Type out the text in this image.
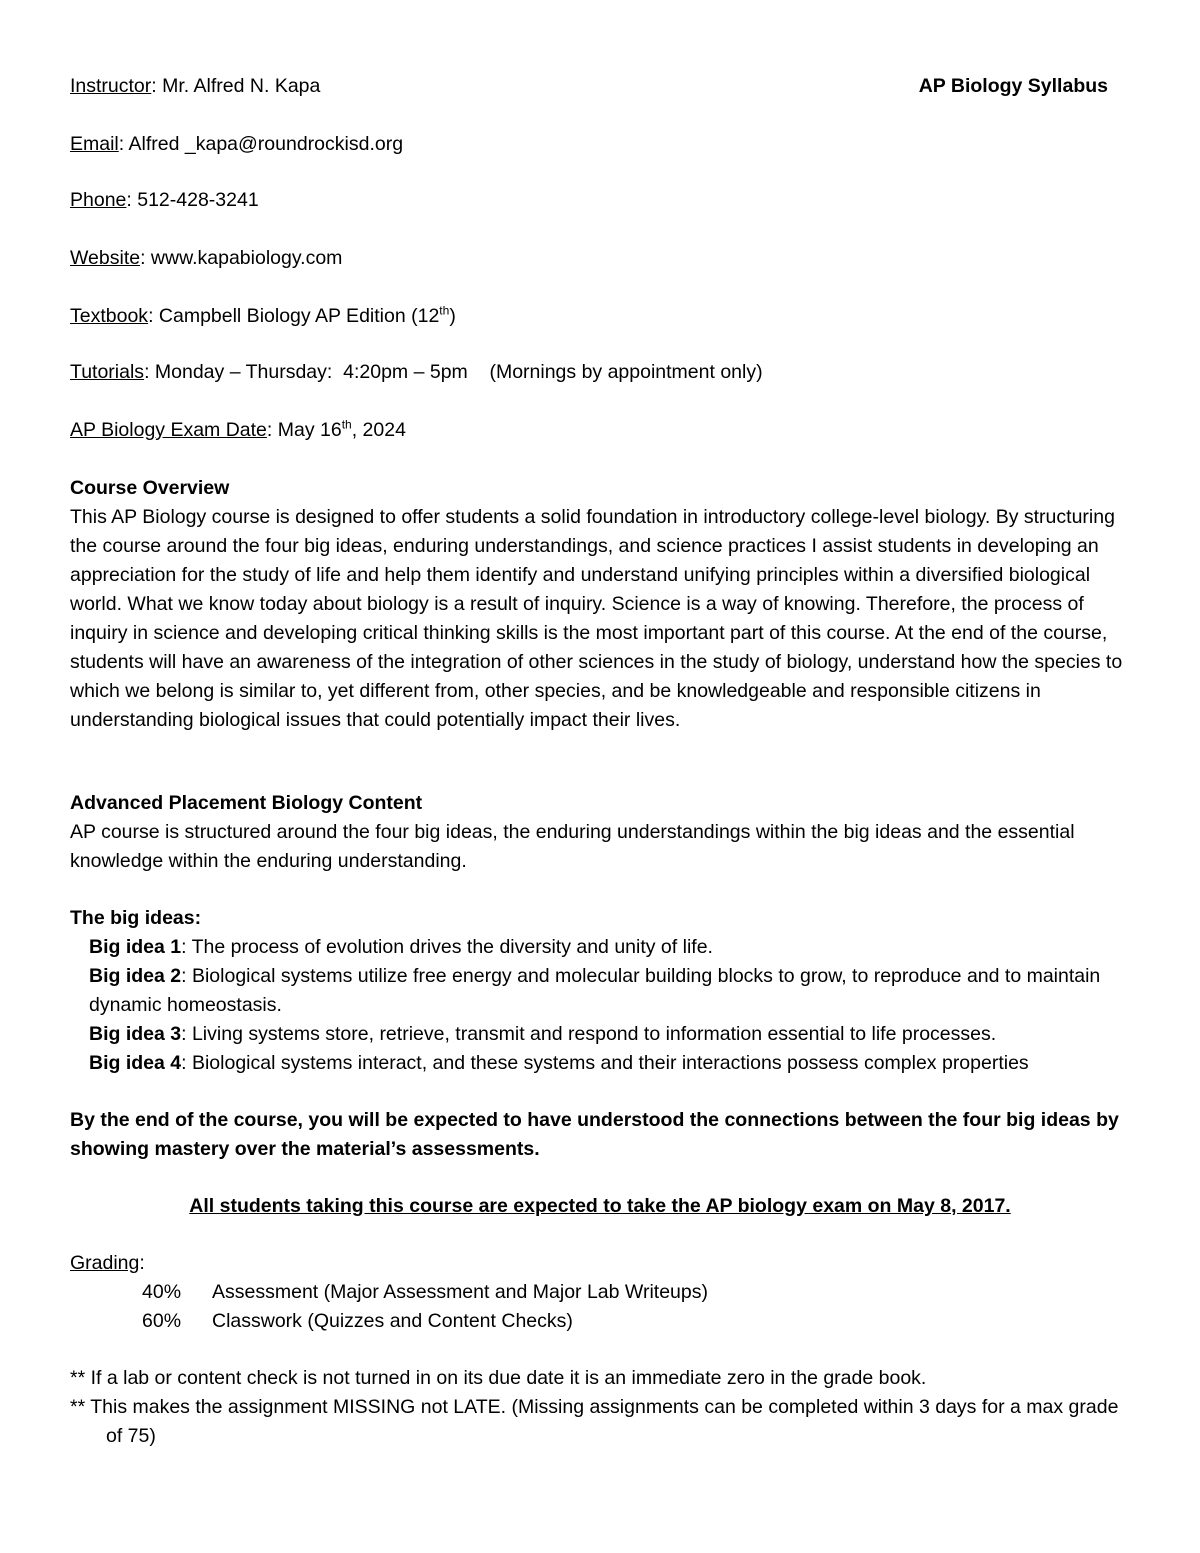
AP Biology Syllabus
Instructor: Mr. Alfred N. Kapa
Email: Alfred _kapa@roundrockisd.org
Phone: 512-428-3241
Website: www.kapabiology.com
Textbook: Campbell Biology AP Edition (12th)
Tutorials: Monday – Thursday:  4:20pm – 5pm    (Mornings by appointment only)
AP Biology Exam Date: May 16th, 2024

Course Overview

This AP Biology course is designed to offer students a solid foundation in introductory college-level biology. By structuring the course around the four big ideas, enduring understandings, and science practices I assist students in developing an appreciation for the study of life and help them identify and understand unifying principles within a diversified biological world. What we know today about biology is a result of inquiry. Science is a way of knowing. Therefore, the process of inquiry in science and developing critical thinking skills is the most important part of this course. At the end of the course, students will have an awareness of the integration of other sciences in the study of biology, understand how the species to which we belong is similar to, yet different from, other species, and be knowledgeable and responsible citizens in understanding biological issues that could potentially impact their lives.

Advanced Placement Biology Content

AP course is structured around the four big ideas, the enduring understandings within the big ideas and the essential knowledge within the enduring understanding.

The big ideas:

Big idea 1: The process of evolution drives the diversity and unity of life.

Big idea 2: Biological systems utilize free energy and molecular building blocks to grow, to reproduce and to maintain dynamic homeostasis.

Big idea 3: Living systems store, retrieve, transmit and respond to information essential to life processes.

Big idea 4: Biological systems interact, and these systems and their interactions possess complex properties

By the end of the course, you will be expected to have understood the connections between the four big ideas by showing mastery over the material’s assessments.
All students taking this course are expected to take the AP biology exam on May 8, 2017.
Grading:
40% Assessment (Major Assessment and Major Lab Writeups)
60% Classwork (Quizzes and Content Checks)
** If a lab or content check is not turned in on its due date it is an immediate zero in the grade book.
** This makes the assignment MISSING not LATE. (Missing assignments can be completed within 3 days for a max grade of 75)
